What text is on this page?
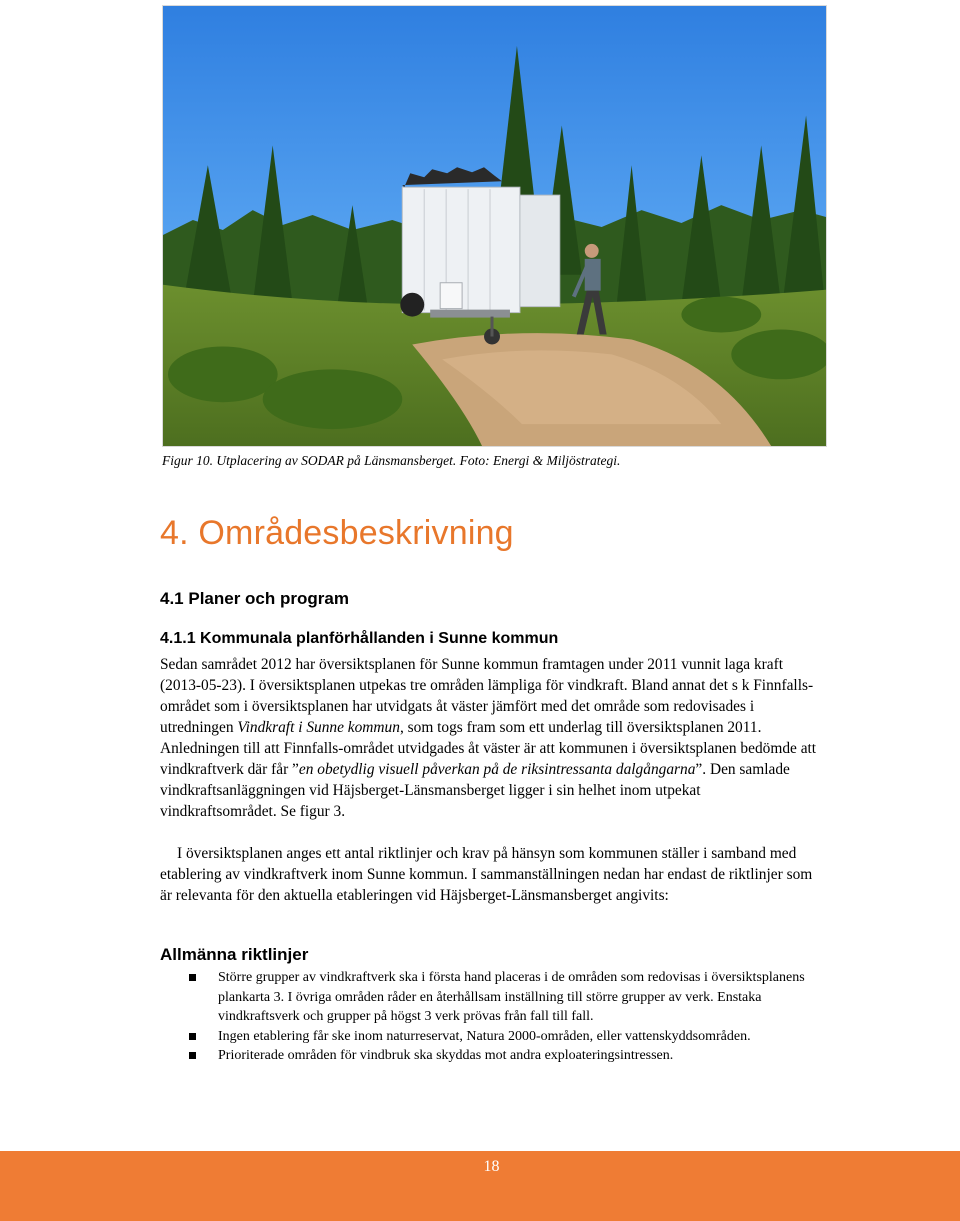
Figur 10. Utplacering av SODAR på Länsmansberget. Foto: Energi & Miljöstrategi.
4. Områdesbeskrivning
4.1 Planer och program
4.1.1 Kommunala planförhållanden i Sunne kommun
Sedan samrådet 2012 har översiktsplanen för Sunne kommun framtagen under 2011 vunnit laga kraft (2013-05-23). I översiktsplanen utpekas tre områden lämpliga för vindkraft. Bland annat det s k Finnfalls-området som i översiktsplanen har utvidgats åt väster jämfört med det område som redovisades i utredningen Vindkraft i Sunne kommun, som togs fram som ett underlag till översiktsplanen 2011. Anledningen till att Finnfalls-området utvidgades åt väster är att kommunen i översiktsplanen bedömde att vindkraftverk där får ”en obetydlig visuell påverkan på de riksintressanta dalgångarna”. Den samlade vindkraftsanläggningen vid Häjsberget-Länsmansberget ligger i sin helhet inom utpekat vindkraftsområdet. Se figur 3.
I översiktsplanen anges ett antal riktlinjer och krav på hänsyn som kommunen ställer i samband med etablering av vindkraftverk inom Sunne kommun. I sammanställningen nedan har endast de riktlinjer som är relevanta för den aktuella etableringen vid Häjsberget-Länsmansberget angivits:
Allmänna riktlinjer
Större grupper av vindkraftverk ska i första hand placeras i de områden som redovisas i översiktsplanens plankarta 3. I övriga områden råder en återhållsam inställning till större grupper av verk. Enstaka vindkraftsverk och grupper på högst 3 verk prövas från fall till fall.
Ingen etablering får ske inom naturreservat, Natura 2000-områden, eller vattenskyddsområden.
Prioriterade områden för vindbruk ska skyddas mot andra exploateringsintressen.
18
